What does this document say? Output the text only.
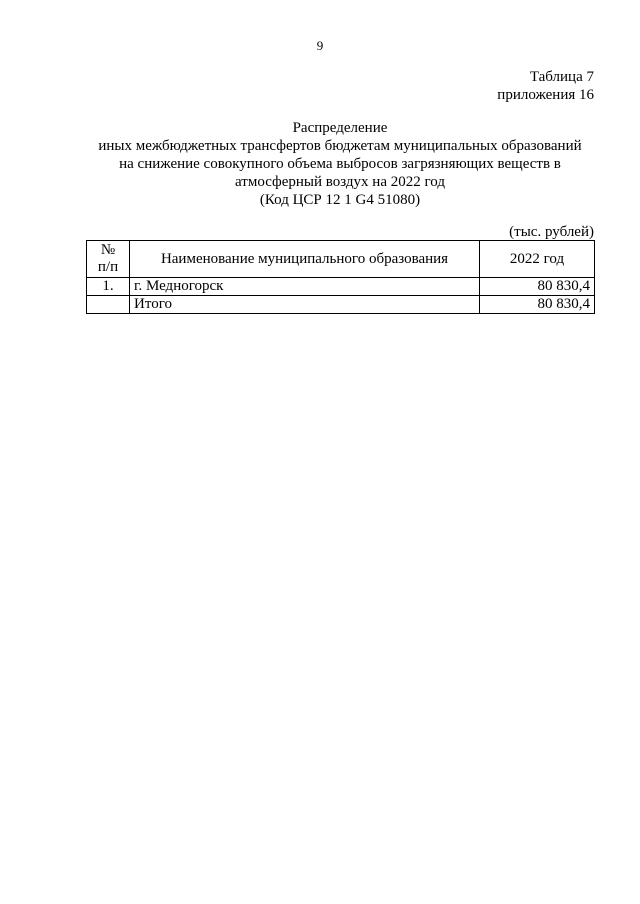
9
Таблица 7
приложения 16
Распределение
иных межбюджетных трансфертов бюджетам муниципальных образований
на снижение совокупного объема выбросов загрязняющих веществ в
атмосферный воздух на 2022 год
(Код ЦСР 12 1 G4 51080)
(тыс. рублей)
№
п/п	Наименование муниципального образования	2022 год
1.	г. Медногорск	80 830,4
	Итого	80 830,4
